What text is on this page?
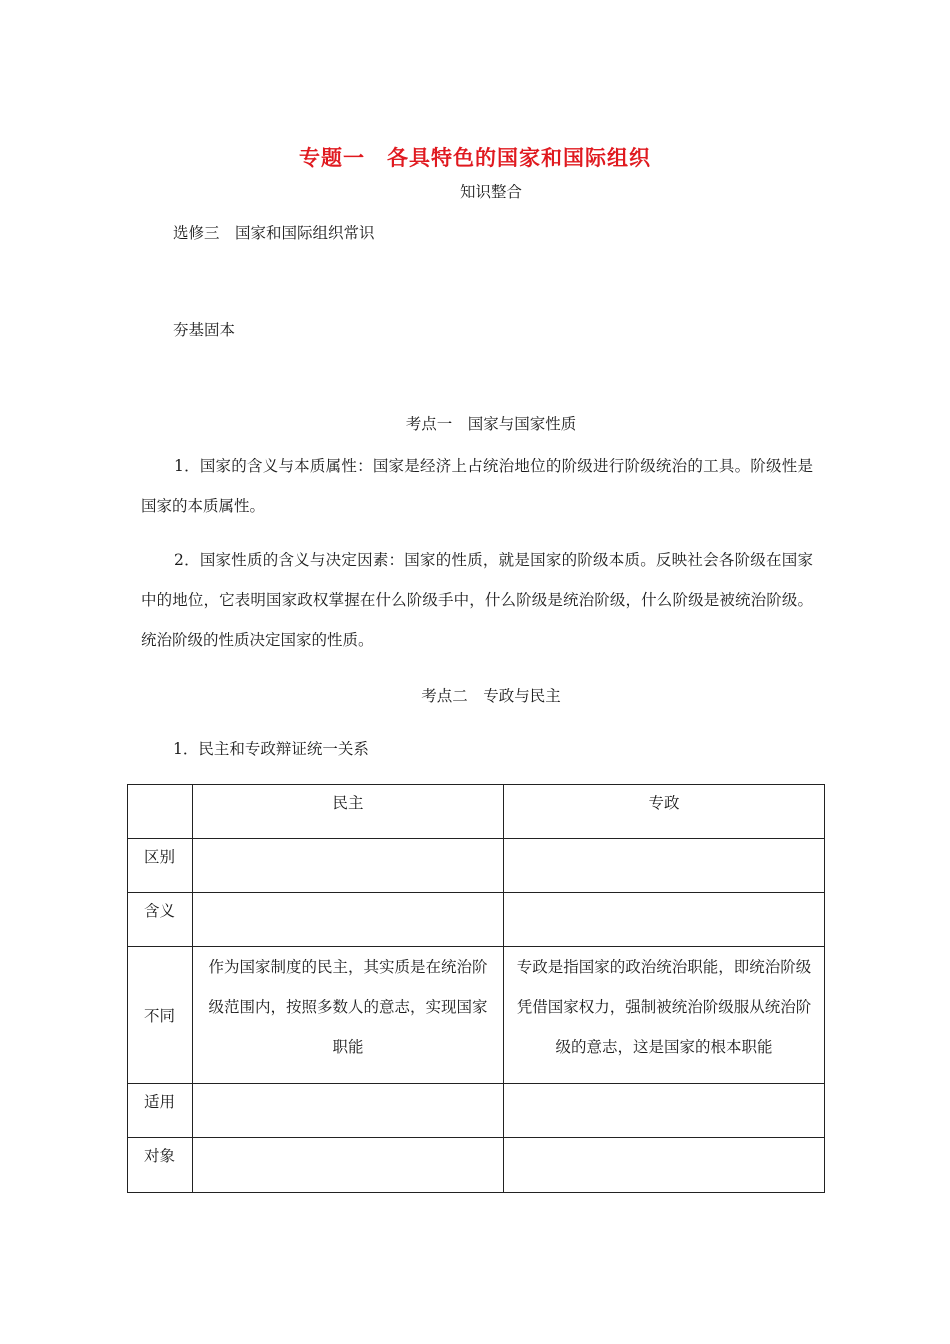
专题一　各具特色的国家和国际组织
知识整合
选修三　国家和国际组织常识
夯基固本
考点一　国家与国家性质
1．国家的含义与本质属性：国家是经济上占统治地位的阶级进行阶级统治的工具。阶级性是国家的本质属性。
2．国家性质的含义与决定因素：国家的性质，就是国家的阶级本质。反映社会各阶级在国家中的地位，它表明国家政权掌握在什么阶级手中，什么阶级是统治阶级，什么阶级是被统治阶级。统治阶级的性质决定国家的性质。
考点二　专政与民主
1．民主和专政辩证统一关系
	民主	专政
区别		
含义		
不同	作为国家制度的民主，其实质是在统治阶级范围内，按照多数人的意志，实现国家职能	专政是指国家的政治统治职能，即统治阶级凭借国家权力，强制被统治阶级服从统治阶级的意志，这是国家的根本职能
适用		
对象		
